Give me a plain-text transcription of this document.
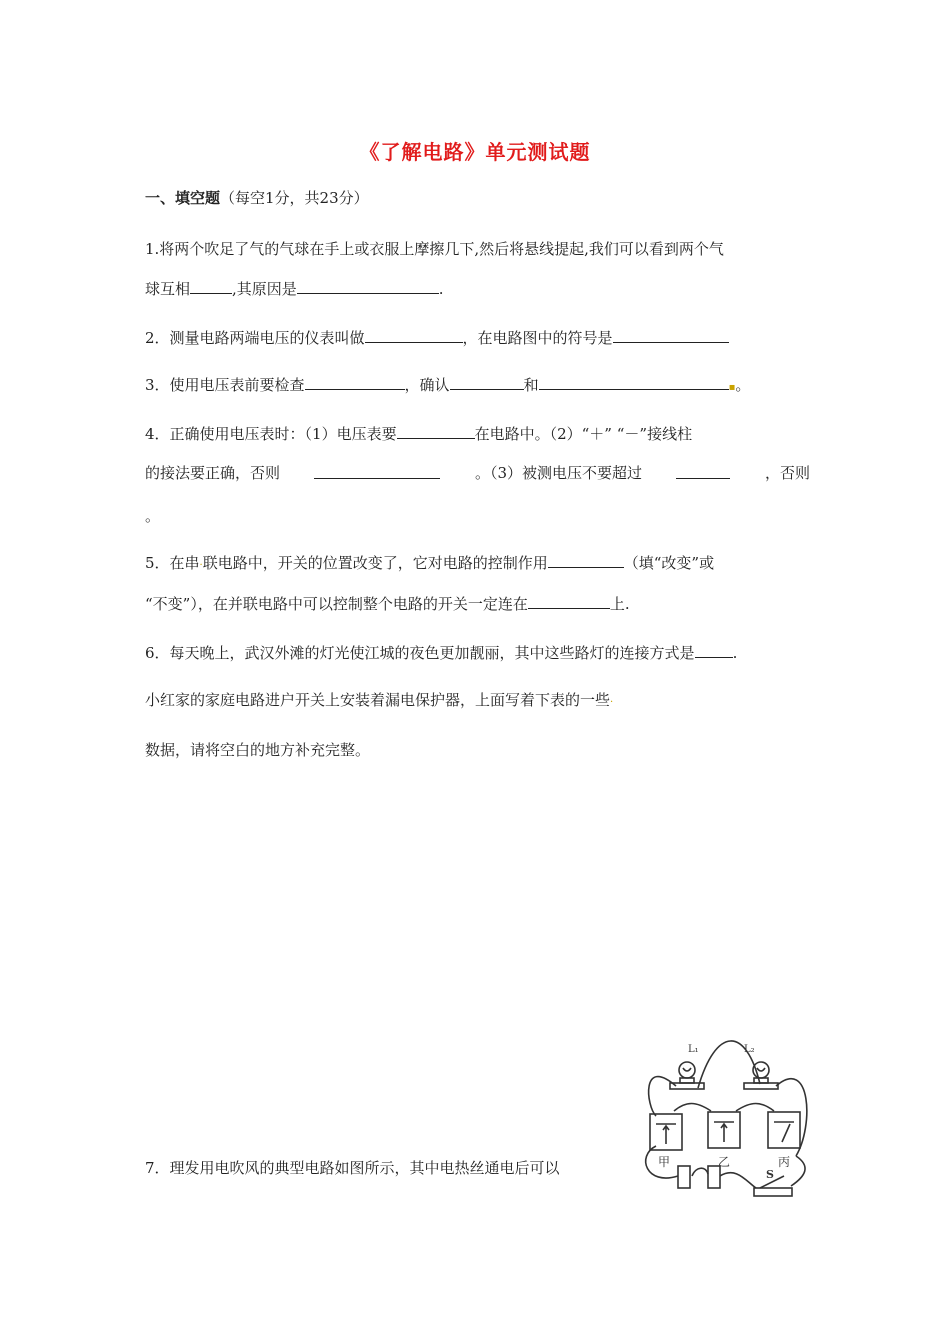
《了解电路》单元测试题
一、填空题（每空1分，共23分）
1.将两个吹足了气的气球在手上或衣服上摩擦几下,然后将悬线提起,我们可以看到两个气
球互相	,其原因是	.
2．测量电路两端电压的仪表叫做	，在电路图中的符号是
3．使用电压表前要检查	，确认	和	▪。
4．正确使用电压表时：（1）电压表要	在电路中。（2）“＋” “－”接线柱
的接法要正确，否则	。（3）被测电压不要超过	，否则
。
5．在串·联电路中，开关的位置改变了，它对电路的控制作用	（填“改变”或
“不变”），在并联电路中可以控制整个电路的开关一定连在	上.
6．每天晚上，武汉外滩的灯光使江城的夜色更加靓丽，其中这些路灯的连接方式是	.
小红家的家庭电路进户开关上安装着漏电保护器，上面写着下表的一些·
数据，请将空白的地方补充完整。
7．理发用电吹风的典型电路如图所示，其中电热丝通电后可以
L₁	L₂
甲	乙	丙
S
